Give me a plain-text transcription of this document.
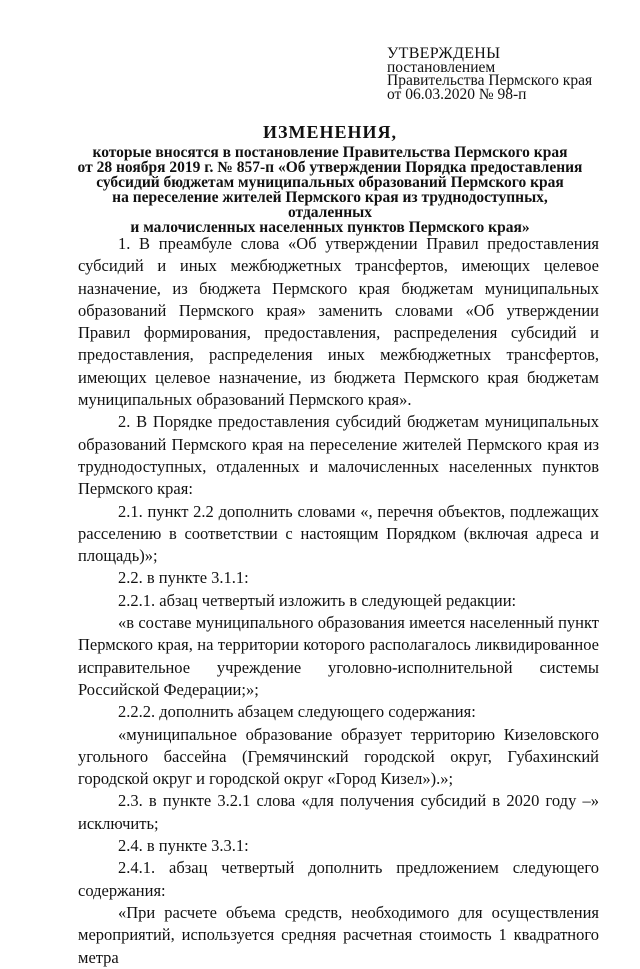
УТВЕРЖДЕНЫ
постановлением
Правительства Пермского края
от 06.03.2020 № 98-п
ИЗМЕНЕНИЯ,
которые вносятся в постановление Правительства Пермского края
от 28 ноября 2019 г. № 857-п «Об утверждении Порядка предоставления
субсидий бюджетам муниципальных образований Пермского края
на переселение жителей Пермского края из труднодоступных, отдаленных
и малочисленных населенных пунктов Пермского края»

1. В преамбуле слова «Об утверждении Правил предоставления субсидий и иных межбюджетных трансфертов, имеющих целевое назначение, из бюджета Пермского края бюджетам муниципальных образований Пермского края» заменить словами «Об утверждении Правил формирования, предоставления, распределения субсидий и предоставления, распределения иных межбюджетных трансфертов, имеющих целевое назначение, из бюджета Пермского края бюджетам муниципальных образований Пермского края».

2. В Порядке предоставления субсидий бюджетам муниципальных образований Пермского края на переселение жителей Пермского края из труднодоступных, отдаленных и малочисленных населенных пунктов Пермского края:

2.1. пункт 2.2 дополнить словами «, перечня объектов, подлежащих расселению в соответствии с настоящим Порядком (включая адреса и площадь)»;

2.2. в пункте 3.1.1:

2.2.1. абзац четвертый изложить в следующей редакции:

«в составе муниципального образования имеется населенный пункт Пермского края, на территории которого располагалось ликвидированное исправительное учреждение уголовно-исполнительной системы Российской Федерации;»;

2.2.2. дополнить абзацем следующего содержания:

«муниципальное образование образует территорию Кизеловского угольного бассейна (Гремячинский городской округ, Губахинский городской округ и городской округ «Город Кизел»).»;

2.3. в пункте 3.2.1 слова «для получения субсидий в 2020 году –» исключить;

2.4. в пункте 3.3.1:

2.4.1. абзац четвертый дополнить предложением следующего содержания:

«При расчете объема средств, необходимого для осуществления мероприятий, используется средняя расчетная стоимость 1 квадратного метра
